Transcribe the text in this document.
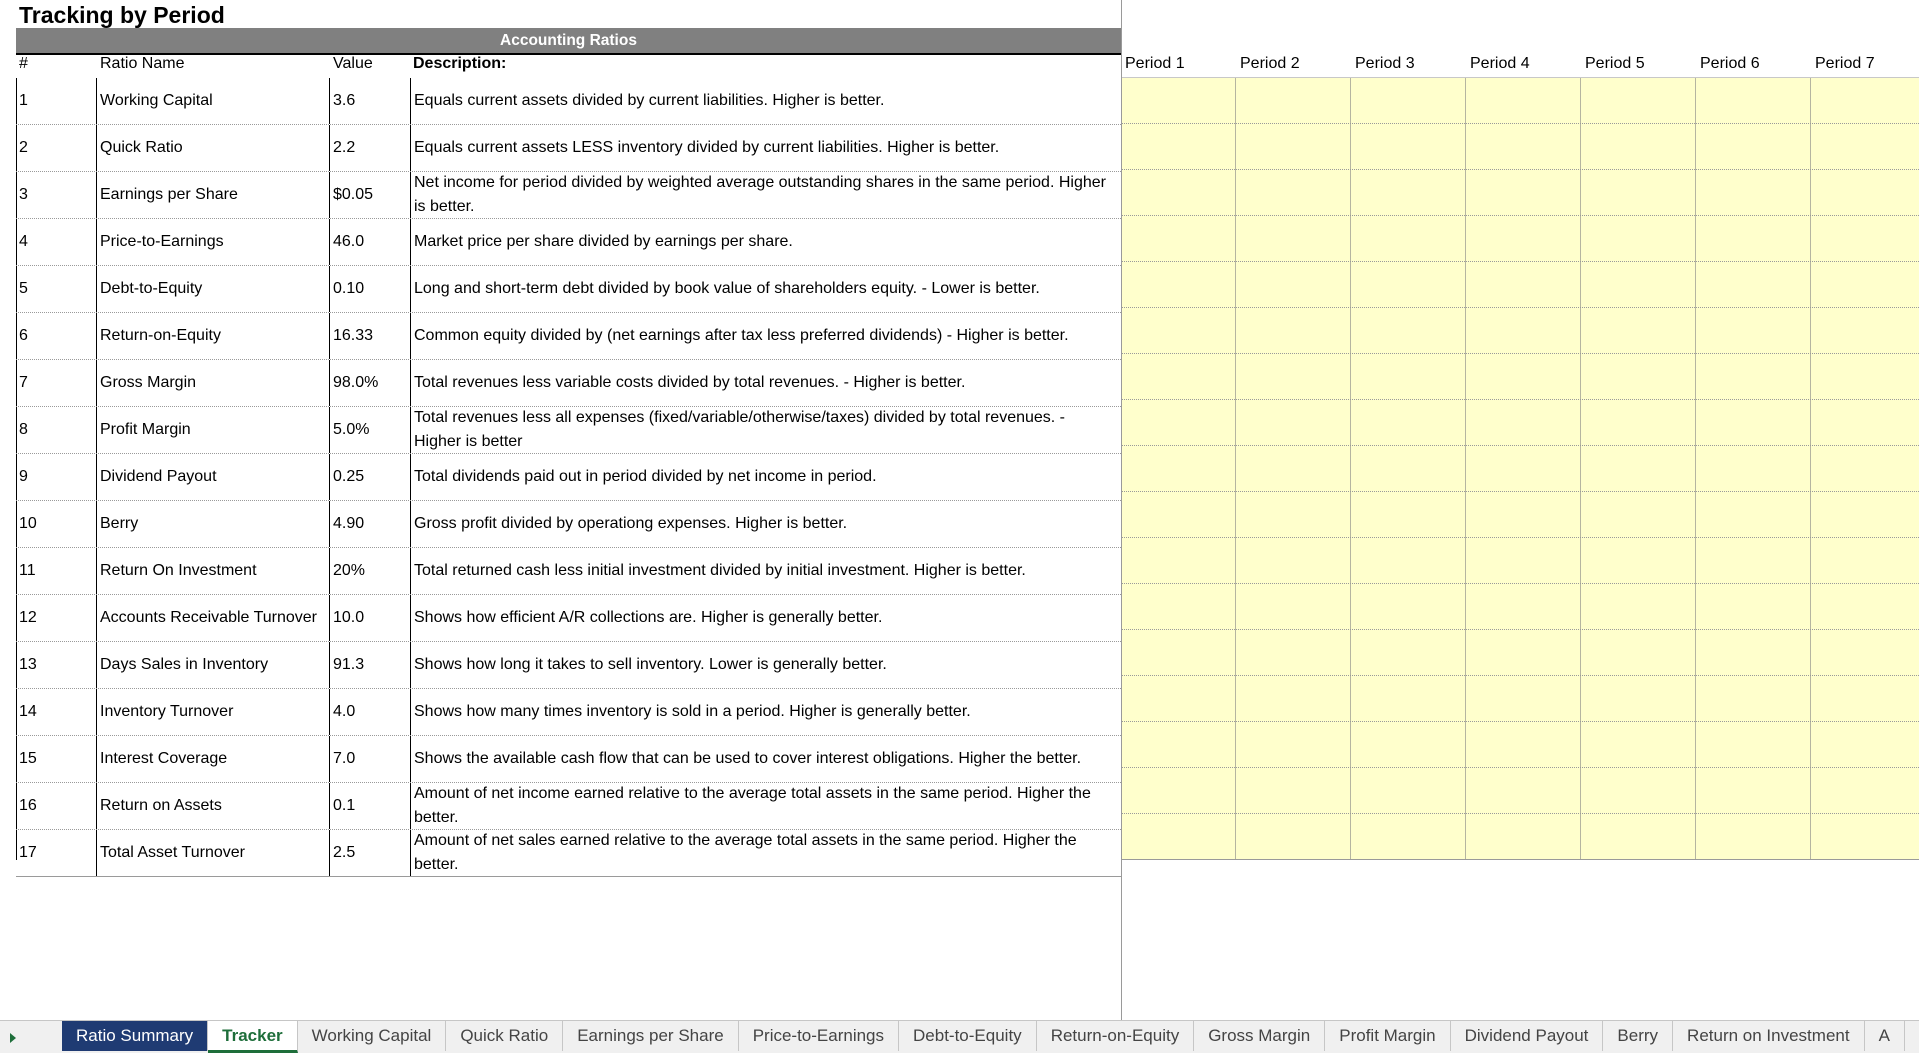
Tracking by Period
Accounting Ratios
#	Ratio Name	Value	Description:	Period 1	Period 2	Period 3	Period 4	Period 5	Period 6	Period 7
1	Working Capital	3.6	Equals current assets divided by current liabilities. Higher is better.
2	Quick Ratio	2.2	Equals current assets LESS inventory divided by current liabilities. Higher is better.
3	Earnings per Share	$0.05
Net income for period divided by weighted average outstanding shares in the same period. Higher is better.
4	Price-to-Earnings	46.0	Market price per share divided by earnings per share.
5	Debt-to-Equity	0.10	Long and short-term debt divided by book value of shareholders equity. - Lower is better.
6	Return-on-Equity	16.33	Common equity divided by (net earnings after tax less preferred dividends) - Higher is better.
7	Gross Margin	98.0%	Total revenues less variable costs divided by total revenues. - Higher is better.
8	Profit Margin	5.0%
Total revenues less all expenses (fixed/variable/otherwise/taxes) divided by total revenues. - Higher is better
9	Dividend Payout	0.25	Total dividends paid out in period divided by net income in period.
10	Berry	4.90	Gross profit divided by operationg expenses. Higher is better.
11	Return On Investment	20%	Total returned cash less initial investment divided by initial investment. Higher is better.
12	Accounts Receivable Turnover	10.0	Shows how efficient A/R collections are. Higher is generally better.
13	Days Sales in Inventory	91.3	Shows how long it takes to sell inventory. Lower is generally better.
14	Inventory Turnover	4.0	Shows how many times inventory is sold in a period. Higher is generally better.
15	Interest Coverage	7.0	Shows the available cash flow that can be used to cover interest obligations. Higher the better.
16	Return on Assets	0.1
Amount of net income earned relative to the average total assets in the same period. Higher the better.
17	Total Asset Turnover	2.5
Amount of net sales earned relative to the average total assets in the same period. Higher the better.
Ratio Summary	Tracker	Working Capital	Quick Ratio	Earnings per Share	Price-to-Earnings	Debt-to-Equity	Return-on-Equity	Gross Margin	Profit Margin	Dividend Payout	Berry	Return on Investment	A
